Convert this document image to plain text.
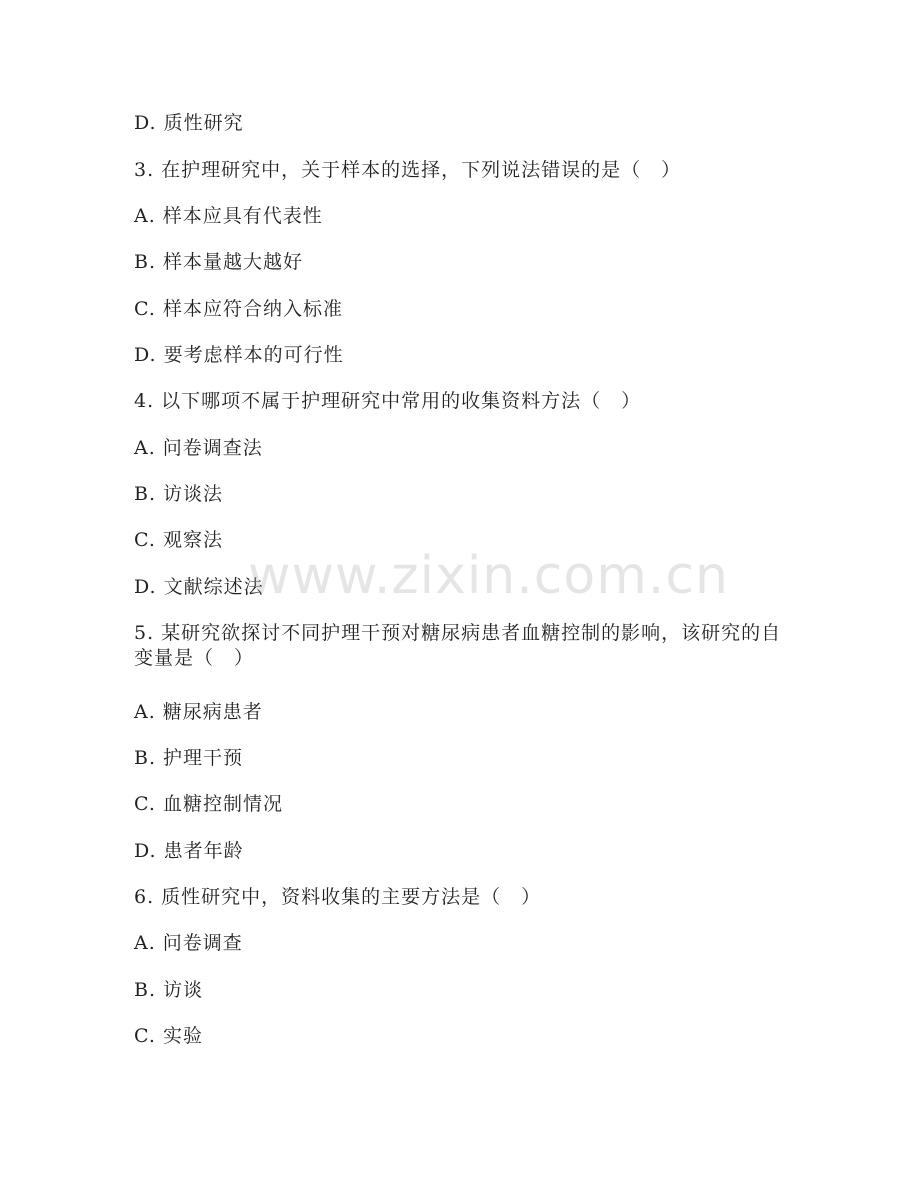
D. 质性研究
3. 在护理研究中，关于样本的选择，下列说法错误的是（　）
A. 样本应具有代表性
B. 样本量越大越好
C. 样本应符合纳入标准
D. 要考虑样本的可行性
4. 以下哪项不属于护理研究中常用的收集资料方法（　）
A. 问卷调查法
B. 访谈法
C. 观察法
D. 文献综述法
5. 某研究欲探讨不同护理干预对糖尿病患者血糖控制的影响，该研究的自变量是（　）
A. 糖尿病患者
B. 护理干预
C. 血糖控制情况
D. 患者年龄
6. 质性研究中，资料收集的主要方法是（　）
A. 问卷调查
B. 访谈
C. 实验
www.zixin.com.cn
